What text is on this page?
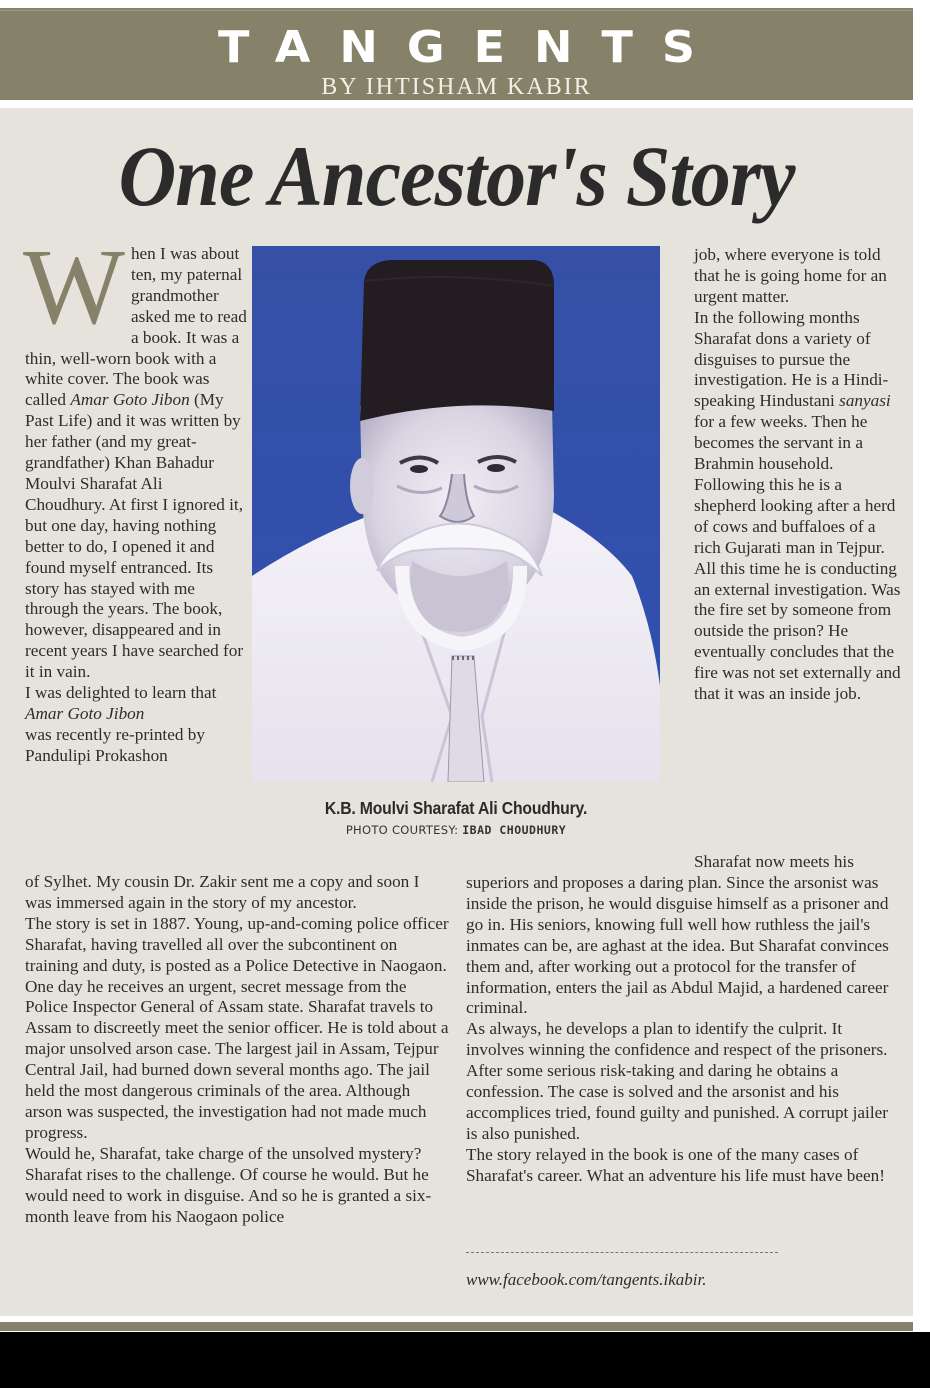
TANGENTS
BY IHTISHAM KABIR
One Ancestor's Story
W hen I was about ten, my paternal grandmother asked me to read a book. It was a thin, well-worn book with a white cover. The book was called Amar Goto Jibon (My Past Life) and it was written by her father (and my great-grandfather) Khan Bahadur Moulvi Sharafat Ali Choudhury. At first I ignored it, but one day, having nothing better to do, I opened it and found myself entranced. Its story has stayed with me through the years. The book, however, disappeared and in recent years I have searched for it in vain.

I was delighted to learn that Amar Goto Jibon
was recently re-printed by Pandulipi Prokashon

K.B. Moulvi Sharafat Ali Choudhury.
PHOTO COURTESY: IBAD CHOUDHURY

job, where everyone is told that he is going home for an urgent matter.

In the following months Sharafat dons a variety of disguises to pursue the investigation. He is a Hindi-speaking Hindustani sanyasi for a few weeks. Then he becomes the servant in a Brahmin household. Following this he is a shepherd looking after a herd of cows and buffaloes of a rich Gujarati man in Tejpur. All this time he is conducting an external investigation. Was the fire set by someone from outside the prison? He eventually concludes that the fire was not set externally and that it was an inside job.

Sharafat now meets his

of Sylhet. My cousin Dr. Zakir sent me a copy and soon I was immersed again in the story of my ancestor.

The story is set in 1887. Young, up-and-coming police officer Sharafat, having travelled all over the subcontinent on training and duty, is posted as a Police Detective in Naogaon. One day he receives an urgent, secret message from the Police Inspector General of Assam state. Sharafat travels to Assam to discreetly meet the senior officer. He is told about a major unsolved arson case. The largest jail in Assam, Tejpur Central Jail, had burned down several months ago. The jail held the most dangerous criminals of the area. Although arson was suspected, the investigation had not made much progress.

Would he, Sharafat, take charge of the unsolved mystery?

Sharafat rises to the challenge. Of course he would. But he would need to work in disguise. And so he is granted a six-month leave from his Naogaon police

superiors and proposes a daring plan. Since the arsonist was inside the prison, he would disguise himself as a prisoner and go in. His seniors, knowing full well how ruthless the jail's inmates can be, are aghast at the idea. But Sharafat convinces them and, after working out a protocol for the transfer of information, enters the jail as Abdul Majid, a hardened career criminal.

As always, he develops a plan to identify the culprit. It involves winning the confidence and respect of the prisoners. After some serious risk-taking and daring he obtains a confession. The case is solved and the arsonist and his accomplices tried, found guilty and punished. A corrupt jailer is also punished.

The story relayed in the book is one of the many cases of Sharafat's career. What an adventure his life must have been!

www.facebook.com/tangents.ikabir.
